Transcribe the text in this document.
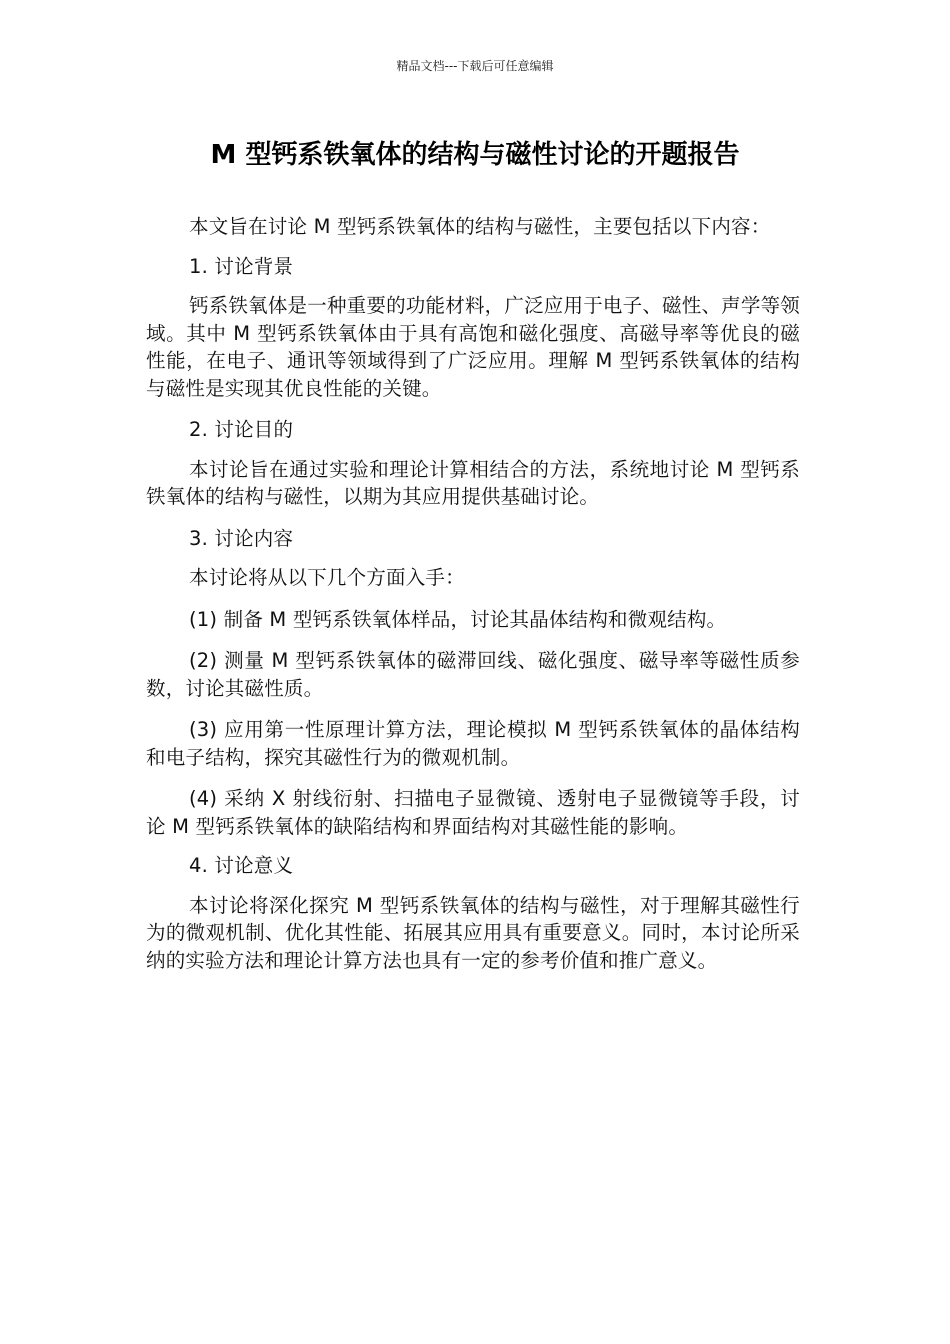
精品文档---下载后可任意编辑
M 型钙系铁氧体的结构与磁性讨论的开题报告

本文旨在讨论 M 型钙系铁氧体的结构与磁性，主要包括以下内容：

1. 讨论背景

钙系铁氧体是一种重要的功能材料，广泛应用于电子、磁性、声学等领域。其中 M 型钙系铁氧体由于具有高饱和磁化强度、高磁导率等优良的磁性能，在电子、通讯等领域得到了广泛应用。理解 M 型钙系铁氧体的结构与磁性是实现其优良性能的关键。

2. 讨论目的

本讨论旨在通过实验和理论计算相结合的方法，系统地讨论 M 型钙系铁氧体的结构与磁性，以期为其应用提供基础讨论。

3. 讨论内容

本讨论将从以下几个方面入手：

(1) 制备 M 型钙系铁氧体样品，讨论其晶体结构和微观结构。

(2) 测量 M 型钙系铁氧体的磁滞回线、磁化强度、磁导率等磁性质参数，讨论其磁性质。

(3) 应用第一性原理计算方法，理论模拟 M 型钙系铁氧体的晶体结构和电子结构，探究其磁性行为的微观机制。

(4) 采纳 X 射线衍射、扫描电子显微镜、透射电子显微镜等手段，讨论 M 型钙系铁氧体的缺陷结构和界面结构对其磁性能的影响。

4. 讨论意义

本讨论将深化探究 M 型钙系铁氧体的结构与磁性，对于理解其磁性行为的微观机制、优化其性能、拓展其应用具有重要意义。同时，本讨论所采纳的实验方法和理论计算方法也具有一定的参考价值和推广意义。
